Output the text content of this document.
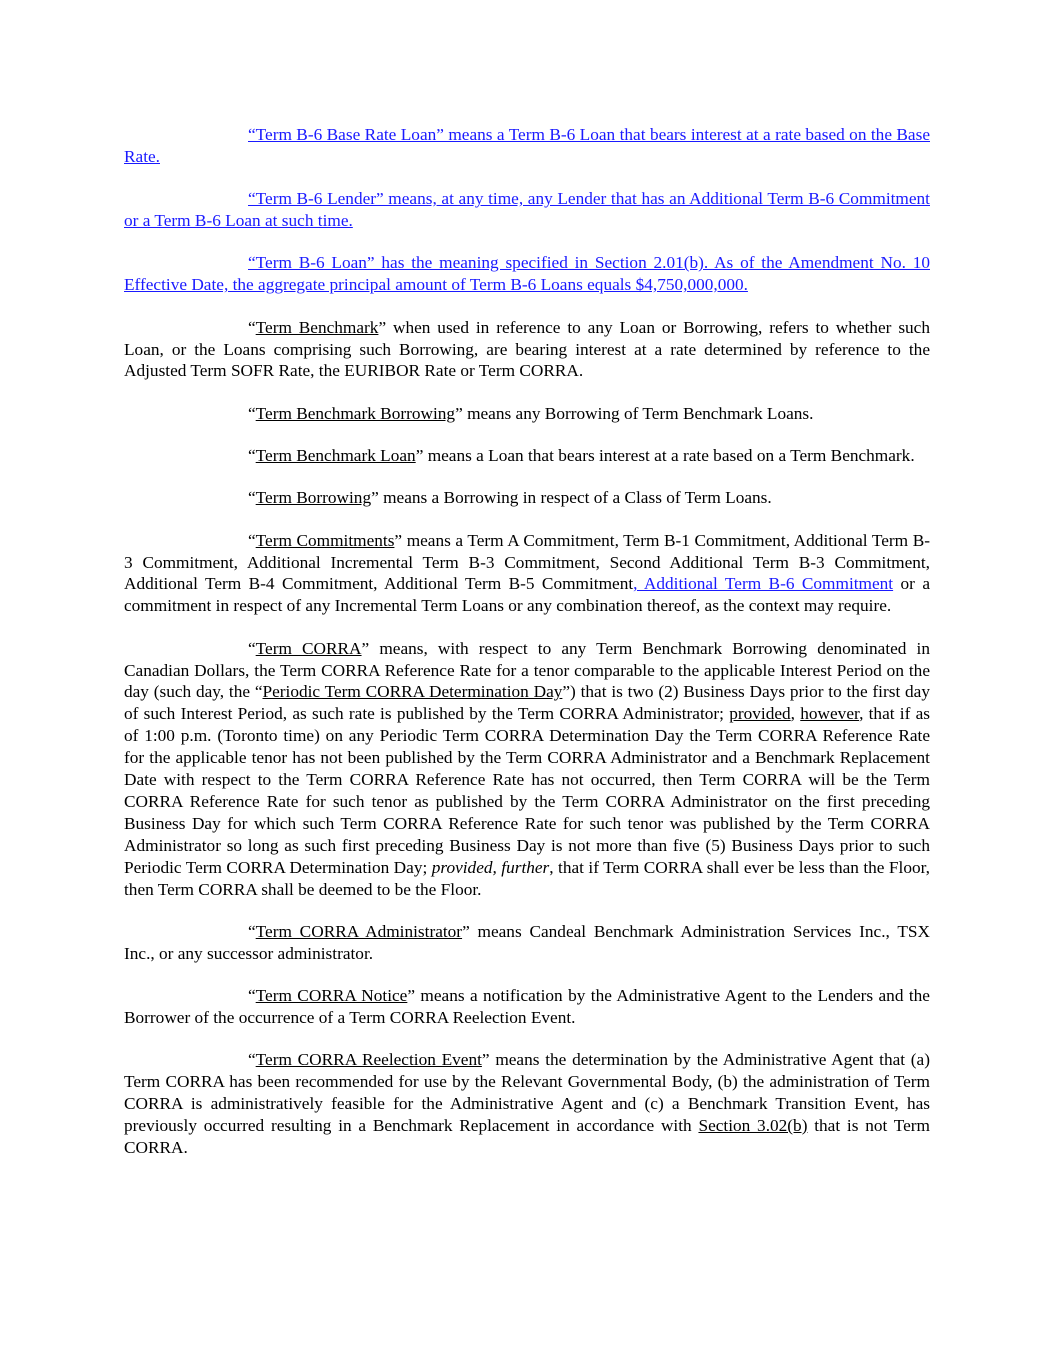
“Term B-6 Base Rate Loan” means a Term B-6 Loan that bears interest at a rate based on the Base Rate.

“Term B-6 Lender” means, at any time, any Lender that has an Additional Term B-6 Commitment or a Term B-6 Loan at such time.

“Term B-6 Loan” has the meaning specified in Section 2.01(b). As of the Amendment No. 10 Effective Date, the aggregate principal amount of Term B-6 Loans equals $4,750,000,000.

“Term Benchmark” when used in reference to any Loan or Borrowing, refers to whether such Loan, or the Loans comprising such Borrowing, are bearing interest at a rate determined by reference to the Adjusted Term SOFR Rate, the EURIBOR Rate or Term CORRA.

“Term Benchmark Borrowing” means any Borrowing of Term Benchmark Loans.

“Term Benchmark Loan” means a Loan that bears interest at a rate based on a Term Benchmark.

“Term Borrowing” means a Borrowing in respect of a Class of Term Loans.

“Term Commitments” means a Term A Commitment, Term B-1 Commitment, Additional Term B-3 Commitment, Additional Incremental Term B-3 Commitment, Second Additional Term B-3 Commitment, Additional Term B-4 Commitment, Additional Term B-5 Commitment, Additional Term B-6 Commitment or a commitment in respect of any Incremental Term Loans or any combination thereof, as the context may require.

“Term CORRA” means, with respect to any Term Benchmark Borrowing denominated in Canadian Dollars, the Term CORRA Reference Rate for a tenor comparable to the applicable Interest Period on the day (such day, the “Periodic Term CORRA Determination Day”) that is two (2) Business Days prior to the first day of such Interest Period, as such rate is published by the Term CORRA Administrator; provided, however, that if as of 1:00 p.m. (Toronto time) on any Periodic Term CORRA Determination Day the Term CORRA Reference Rate for the applicable tenor has not been published by the Term CORRA Administrator and a Benchmark Replacement Date with respect to the Term CORRA Reference Rate has not occurred, then Term CORRA will be the Term CORRA Reference Rate for such tenor as published by the Term CORRA Administrator on the first preceding Business Day for which such Term CORRA Reference Rate for such tenor was published by the Term CORRA Administrator so long as such first preceding Business Day is not more than five (5) Business Days prior to such Periodic Term CORRA Determination Day; provided, further, that if Term CORRA shall ever be less than the Floor, then Term CORRA shall be deemed to be the Floor.

“Term CORRA Administrator” means Candeal Benchmark Administration Services Inc., TSX Inc., or any successor administrator.

“Term CORRA Notice” means a notification by the Administrative Agent to the Lenders and the Borrower of the occurrence of a Term CORRA Reelection Event.

“Term CORRA Reelection Event” means the determination by the Administrative Agent that (a) Term CORRA has been recommended for use by the Relevant Governmental Body, (b) the administration of Term CORRA is administratively feasible for the Administrative Agent and (c) a Benchmark Transition Event, has previously occurred resulting in a Benchmark Replacement in accordance with Section 3.02(b) that is not Term CORRA.
